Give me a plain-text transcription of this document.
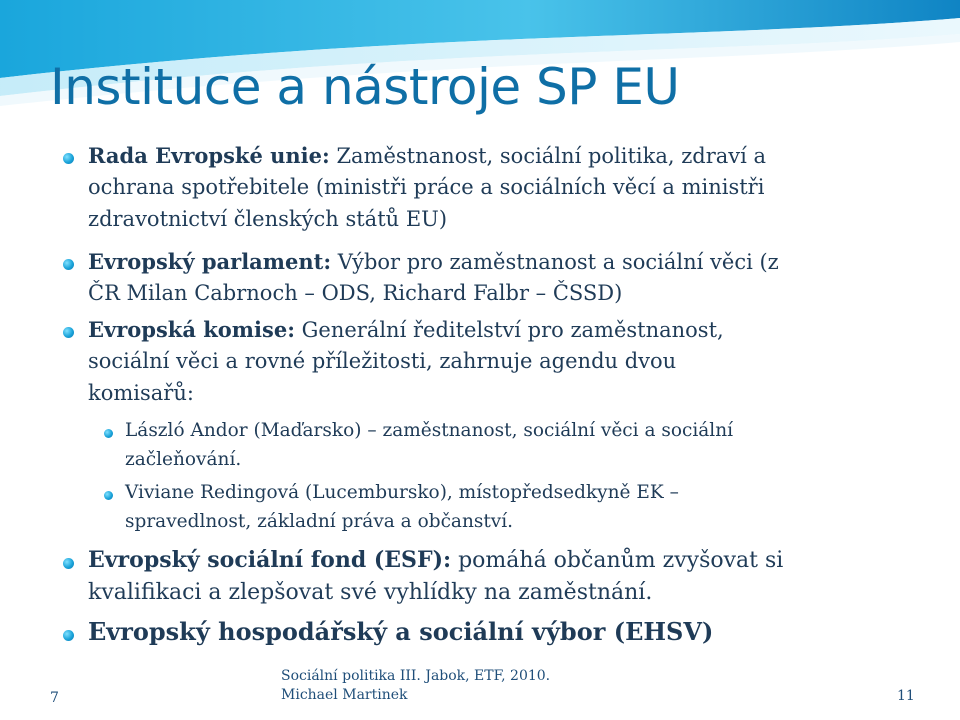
Instituce a nástroje SP EU
Rada Evropské unie: Zaměstnanost, sociální politika, zdraví a
ochrana spotřebitele (ministři práce a sociálních věcí a ministři
zdravotnictví členských států EU)
Evropský parlament: Výbor pro zaměstnanost a sociální věci (z
ČR Milan Cabrnoch – ODS, Richard Falbr – ČSSD)
Evropská komise: Generální ředitelství pro zaměstnanost,
sociální věci a rovné příležitosti, zahrnuje agendu dvou
komisařů:
László Andor (Maďarsko) – zaměstnanost, sociální věci a sociální
začleňování.
Viviane Redingová (Lucembursko), místopředsedkyně EK –
spravedlnost, základní práva a občanství.
Evropský sociální fond (ESF): pomáhá občanům zvyšovat si
kvalifikaci a zlepšovat své vyhlídky na zaměstnání.
Evropský hospodářský a sociální výbor (EHSV)
7
Sociální politika III. Jabok, ETF, 2010.
Michael Martinek	11
